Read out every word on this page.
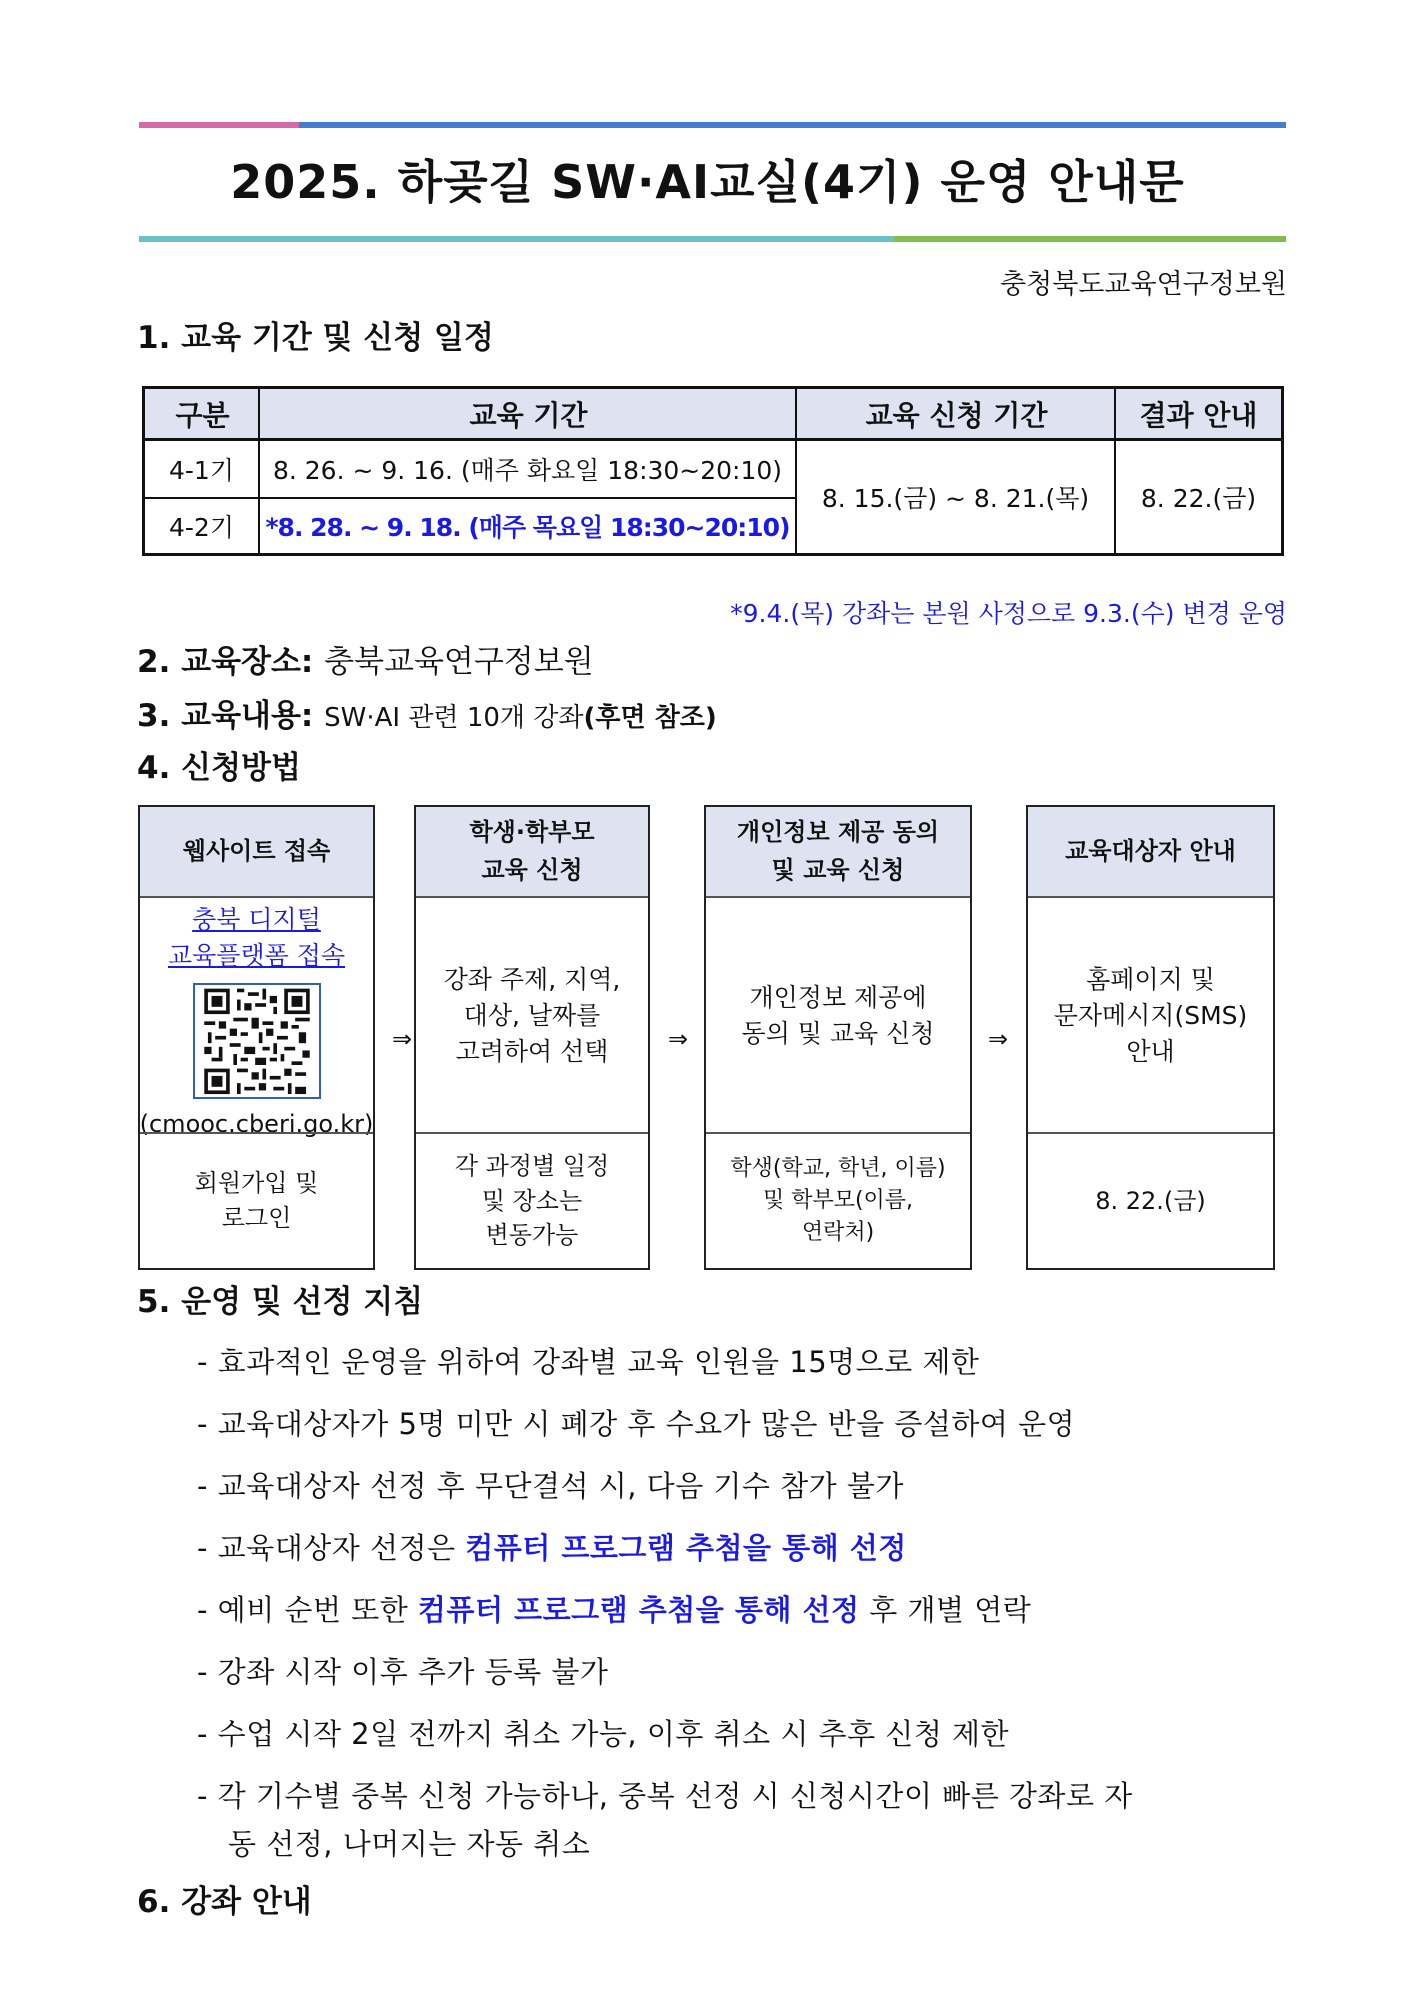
2025. 하곶길 SW·AI교실(4기) 운영 안내문
충청북도교육연구정보원
1. 교육 기간 및 신청 일정
구분	교육 기간	교육 신청 기간	결과 안내
4-1기	8. 26. ~ 9. 16. (매주 화요일 18:30~20:10)
4-2기	*8. 28. ~ 9. 18. (매주 목요일 18:30~20:10)
8. 15.(금) ~ 8. 21.(목)	8. 22.(금)
*9.4.(목) 강좌는 본원 사정으로 9.3.(수) 변경 운영
2. 교육장소: 충북교육연구정보원
3. 교육내용: SW·AI 관련 10개 강좌(후면 참조)
4. 신청방법
웹사이트 접속
충북 디지털
교육플랫폼 접속
(cmooc.cberi.go.kr)
회원가입 및
로그인
⇒
학생·학부모
교육 신청
강좌 주제, 지역,
대상, 날짜를
고려하여 선택
각 과정별 일정
및 장소는
변동가능
⇒
개인정보 제공 동의
및 교육 신청
개인정보 제공에
동의 및 교육 신청
학생(학교, 학년, 이름)
및 학부모(이름,
연락처)
⇒
교육대상자 안내
홈페이지 및
문자메시지(SMS)
안내
8. 22.(금)
5. 운영 및 선정 지침
- 효과적인 운영을 위하여 강좌별 교육 인원을 15명으로 제한
- 교육대상자가 5명 미만 시 폐강 후 수요가 많은 반을 증설하여 운영
- 교육대상자 선정 후 무단결석 시, 다음 기수 참가 불가
- 교육대상자 선정은 컴퓨터 프로그램 추첨을 통해 선정
- 예비 순번 또한 컴퓨터 프로그램 추첨을 통해 선정 후 개별 연락
- 강좌 시작 이후 추가 등록 불가
- 수업 시작 2일 전까지 취소 가능, 이후 취소 시 추후 신청 제한
- 각 기수별 중복 신청 가능하나, 중복 선정 시 신청시간이 빠른 강좌로 자
동 선정, 나머지는 자동 취소
6. 강좌 안내
